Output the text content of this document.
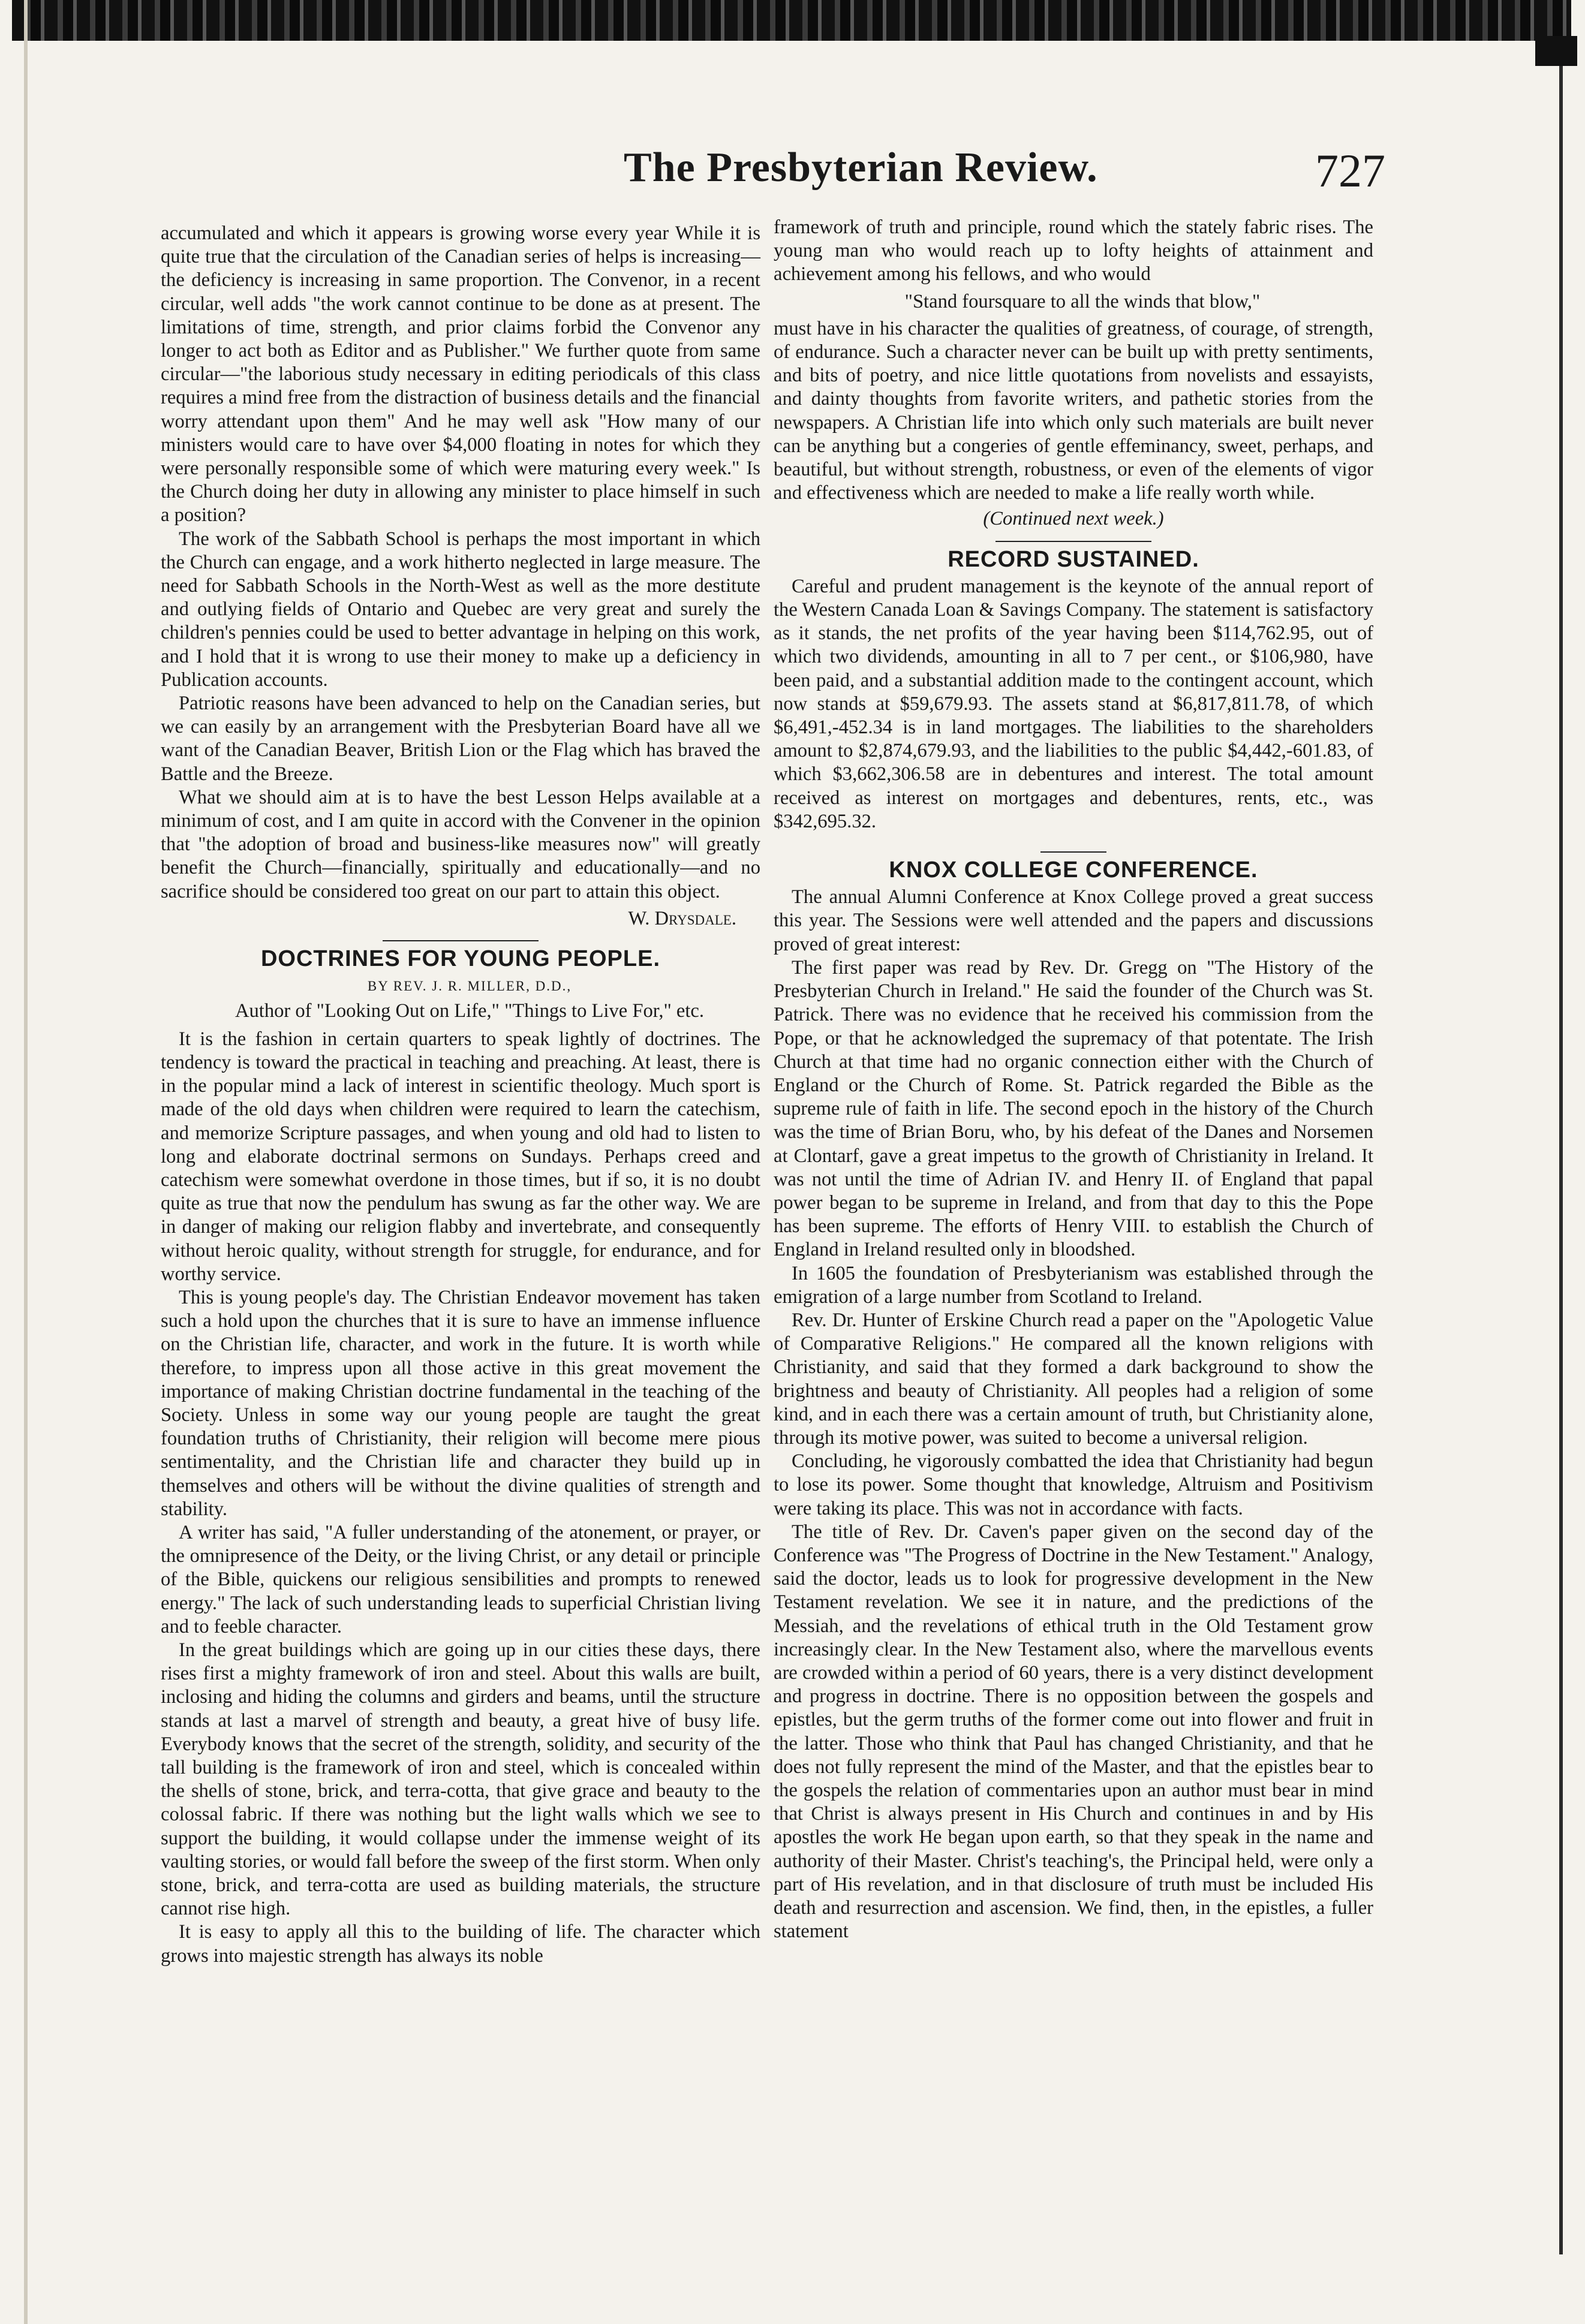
The Presbyterian Review.	727

accumulated and which it appears is growing worse every year While it is quite true that the circulation of the Canadian series of helps is increasing—the deficiency is increasing in same proportion. The Convenor, in a recent circular, well adds "the work cannot continue to be done as at present. The limitations of time, strength, and prior claims forbid the Convenor any longer to act both as Editor and as Publisher." We further quote from same circular—"the laborious study necessary in editing periodicals of this class requires a mind free from the distraction of business details and the financial worry attendant upon them" And he may well ask "How many of our ministers would care to have over $4,000 floating in notes for which they were personally responsible some of which were maturing every week." Is the Church doing her duty in allowing any minister to place himself in such a position?

The work of the Sabbath School is perhaps the most important in which the Church can engage, and a work hitherto neglected in large measure. The need for Sabbath Schools in the North-West as well as the more destitute and outlying fields of Ontario and Quebec are very great and surely the children's pennies could be used to better advantage in helping on this work, and I hold that it is wrong to use their money to make up a deficiency in Publication accounts.

Patriotic reasons have been advanced to help on the Canadian series, but we can easily by an arrangement with the Presbyterian Board have all we want of the Canadian Beaver, British Lion or the Flag which has braved the Battle and the Breeze.

What we should aim at is to have the best Lesson Helps available at a minimum of cost, and I am quite in accord with the Convener in the opinion that "the adoption of broad and business-like measures now" will greatly benefit the Church—financially, spiritually and educationally—and no sacrifice should be considered too great on our part to attain this object.

W. Drysdale.
DOCTRINES FOR YOUNG PEOPLE.

BY REV. J. R. MILLER, D.D.,

Author of "Looking Out on Life," "Things to Live For," etc.

It is the fashion in certain quarters to speak lightly of doctrines. The tendency is toward the practical in teaching and preaching. At least, there is in the popular mind a lack of interest in scientific theology. Much sport is made of the old days when children were required to learn the catechism, and memorize Scripture passages, and when young and old had to listen to long and elaborate doctrinal sermons on Sundays. Perhaps creed and catechism were somewhat overdone in those times, but if so, it is no doubt quite as true that now the pendulum has swung as far the other way. We are in danger of making our religion flabby and invertebrate, and consequently without heroic quality, without strength for struggle, for endurance, and for worthy service.

This is young people's day. The Christian Endeavor movement has taken such a hold upon the churches that it is sure to have an immense influence on the Christian life, character, and work in the future. It is worth while therefore, to impress upon all those active in this great movement the importance of making Christian doctrine fundamental in the teaching of the Society. Unless in some way our young people are taught the great foundation truths of Christianity, their religion will become mere pious sentimentality, and the Christian life and character they build up in themselves and others will be without the divine qualities of strength and stability.

A writer has said, "A fuller understanding of the atonement, or prayer, or the omnipresence of the Deity, or the living Christ, or any detail or principle of the Bible, quickens our religious sensibilities and prompts to renewed energy." The lack of such understanding leads to superficial Christian living and to feeble character.

In the great buildings which are going up in our cities these days, there rises first a mighty framework of iron and steel. About this walls are built, inclosing and hiding the columns and girders and beams, until the structure stands at last a marvel of strength and beauty, a great hive of busy life. Everybody knows that the secret of the strength, solidity, and security of the tall building is the framework of iron and steel, which is concealed within the shells of stone, brick, and terra-cotta, that give grace and beauty to the colossal fabric. If there was nothing but the light walls which we see to support the building, it would collapse under the immense weight of its vaulting stories, or would fall before the sweep of the first storm. When only stone, brick, and terra-cotta are used as building materials, the structure cannot rise high.

It is easy to apply all this to the building of life. The character which grows into majestic strength has always its noble

framework of truth and principle, round which the stately fabric rises. The young man who would reach up to lofty heights of attainment and achievement among his fellows, and who would

"Stand foursquare to all the winds that blow,"

must have in his character the qualities of greatness, of courage, of strength, of endurance. Such a character never can be built up with pretty sentiments, and bits of poetry, and nice little quotations from novelists and essayists, and dainty thoughts from favorite writers, and pathetic stories from the newspapers. A Christian life into which only such materials are built never can be anything but a congeries of gentle effeminancy, sweet, perhaps, and beautiful, but without strength, robustness, or even of the elements of vigor and effectiveness which are needed to make a life really worth while.

(Continued next week.)
RECORD SUSTAINED.

Careful and prudent management is the keynote of the annual report of the Western Canada Loan & Savings Company. The statement is satisfactory as it stands, the net profits of the year having been $114,762.95, out of which two dividends, amounting in all to 7 per cent., or $106,980, have been paid, and a substantial addition made to the contingent account, which now stands at $59,679.93. The assets stand at $6,817,811.78, of which $6,491,-452.34 is in land mortgages. The liabilities to the shareholders amount to $2,874,679.93, and the liabilities to the public $4,442,-601.83, of which $3,662,306.58 are in debentures and interest. The total amount received as interest on mortgages and debentures, rents, etc., was $342,695.32.

KNOX COLLEGE CONFERENCE.

The annual Alumni Conference at Knox College proved a great success this year. The Sessions were well attended and the papers and discussions proved of great interest:

The first paper was read by Rev. Dr. Gregg on "The History of the Presbyterian Church in Ireland." He said the founder of the Church was St. Patrick. There was no evidence that he received his commission from the Pope, or that he acknowledged the supremacy of that potentate. The Irish Church at that time had no organic connection either with the Church of England or the Church of Rome. St. Patrick regarded the Bible as the supreme rule of faith in life. The second epoch in the history of the Church was the time of Brian Boru, who, by his defeat of the Danes and Norsemen at Clontarf, gave a great impetus to the growth of Christianity in Ireland. It was not until the time of Adrian IV. and Henry II. of England that papal power began to be supreme in Ireland, and from that day to this the Pope has been supreme. The efforts of Henry VIII. to establish the Church of England in Ireland resulted only in bloodshed.

In 1605 the foundation of Presbyterianism was established through the emigration of a large number from Scotland to Ireland.

Rev. Dr. Hunter of Erskine Church read a paper on the "Apologetic Value of Comparative Religions." He compared all the known religions with Christianity, and said that they formed a dark background to show the brightness and beauty of Christianity. All peoples had a religion of some kind, and in each there was a certain amount of truth, but Christianity alone, through its motive power, was suited to become a universal religion.

Concluding, he vigorously combatted the idea that Christianity had begun to lose its power. Some thought that knowledge, Altruism and Positivism were taking its place. This was not in accordance with facts.

The title of Rev. Dr. Caven's paper given on the second day of the Conference was "The Progress of Doctrine in the New Testament." Analogy, said the doctor, leads us to look for progressive development in the New Testament revelation. We see it in nature, and the predictions of the Messiah, and the revelations of ethical truth in the Old Testament grow increasingly clear. In the New Testament also, where the marvellous events are crowded within a period of 60 years, there is a very distinct development and progress in doctrine. There is no opposition between the gospels and epistles, but the germ truths of the former come out into flower and fruit in the latter. Those who think that Paul has changed Christianity, and that he does not fully represent the mind of the Master, and that the epistles bear to the gospels the relation of commentaries upon an author must bear in mind that Christ is always present in His Church and continues in and by His apostles the work He began upon earth, so that they speak in the name and authority of their Master. Christ's teaching's, the Principal held, were only a part of His revelation, and in that disclosure of truth must be included His death and resurrection and ascension. We find, then, in the epistles, a fuller statement
